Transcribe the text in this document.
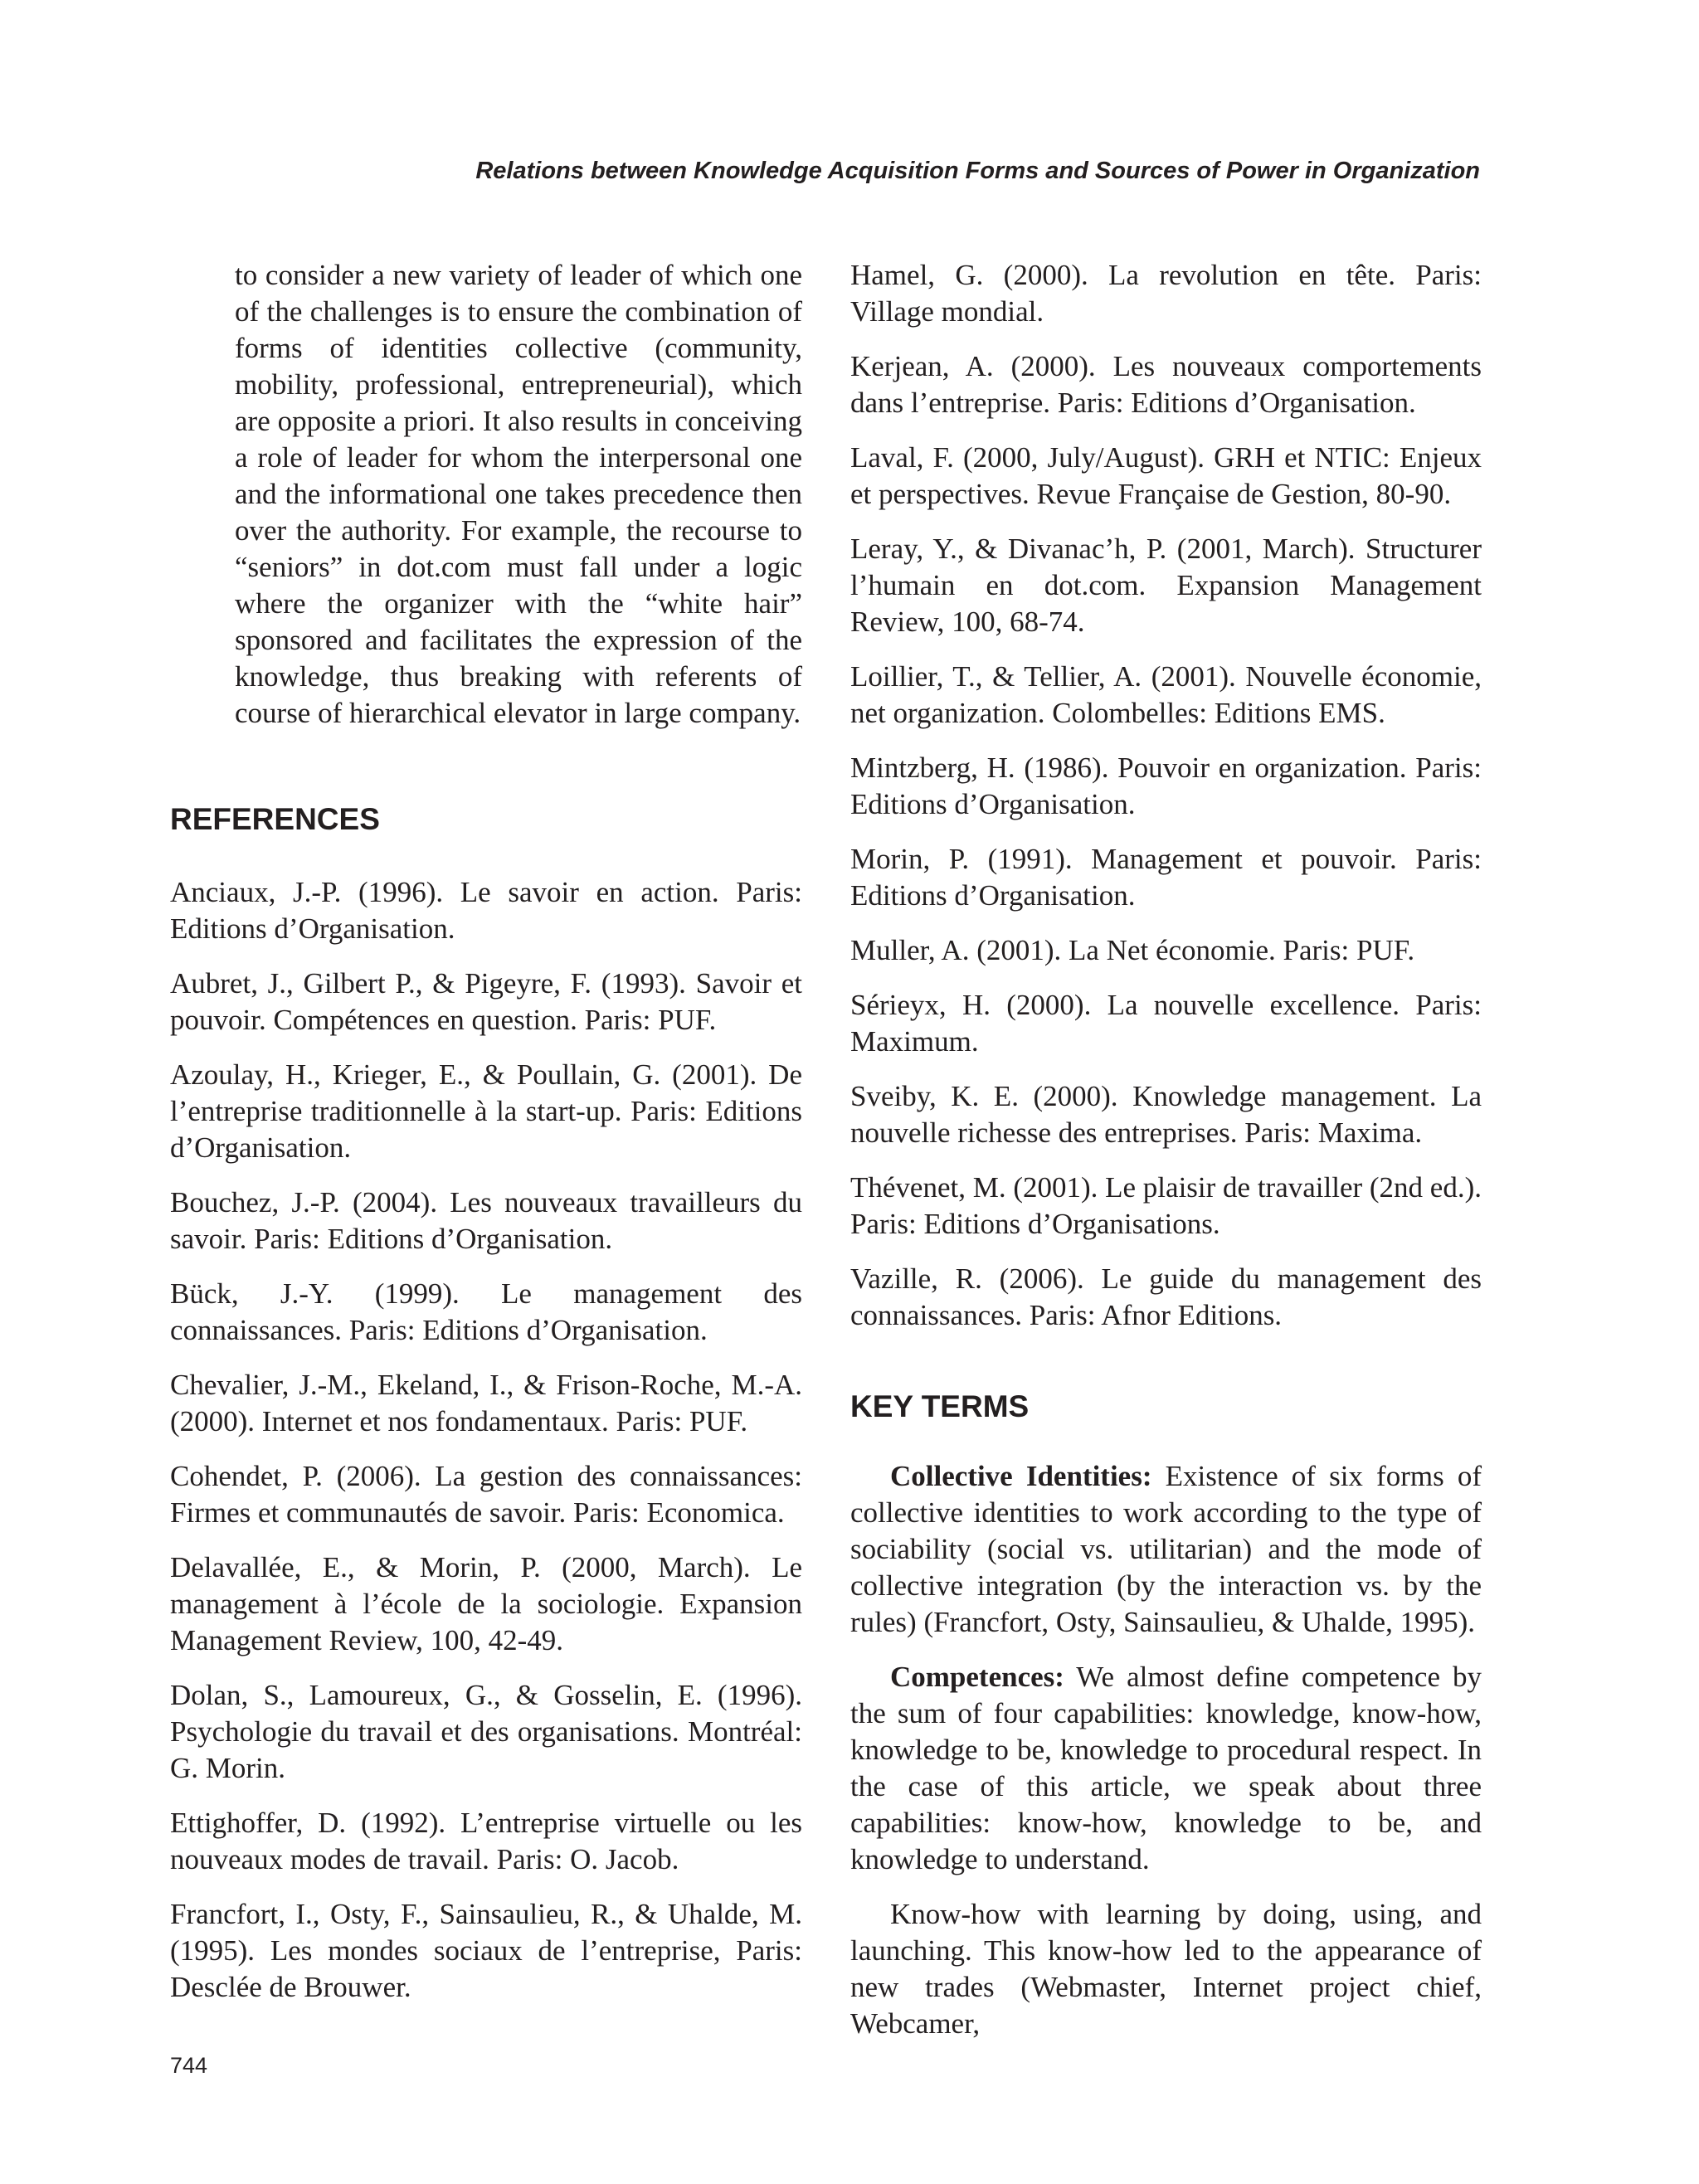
Relations between Knowledge Acquisition Forms and Sources of Power in Organization

to consider a new variety of leader of which one of the challenges is to ensure the combination of forms of identities collective (community, mobility, professional, entrepreneurial), which are opposite a priori. It also results in conceiving a role of leader for whom the interpersonal one and the informational one takes precedence then over the authority. For example, the recourse to “seniors” in dot.com must fall under a logic where the organizer with the “white hair” sponsored and facilitates the expression of the knowledge, thus breaking with referents of course of hierarchical elevator in large company.

REFERENCES

Anciaux, J.-P. (1996). Le savoir en action. Paris: Editions d’Organisation.

Aubret, J., Gilbert P., & Pigeyre, F. (1993). Savoir et pouvoir. Compétences en question. Paris: PUF.

Azoulay, H., Krieger, E., & Poullain, G. (2001). De l’entreprise traditionnelle à la start-up. Paris: Editions d’Organisation.

Bouchez, J.-P. (2004). Les nouveaux travailleurs du savoir. Paris: Editions d’Organisation.

Bück, J.-Y. (1999). Le management des connaissances. Paris: Editions d’Organisation.

Chevalier, J.-M., Ekeland, I., & Frison-Roche, M.-A. (2000). Internet et nos fondamentaux. Paris: PUF.

Cohendet, P. (2006). La gestion des connaissances: Firmes et communautés de savoir. Paris: Economica.

Delavallée, E., & Morin, P. (2000, March). Le management à l’école de la sociologie. Expansion Management Review, 100, 42-49.

Dolan, S., Lamoureux, G., & Gosselin, E. (1996). Psychologie du travail et des organisations. Montréal: G. Morin.

Ettighoffer, D. (1992). L’entreprise virtuelle ou les nouveaux modes de travail. Paris: O. Jacob.

Francfort, I., Osty, F., Sainsaulieu, R., & Uhalde, M. (1995). Les mondes sociaux de l’entreprise, Paris: Desclée de Brouwer.

Hamel, G. (2000). La revolution en tête. Paris: Village mondial.

Kerjean, A. (2000). Les nouveaux comportements dans l’entreprise. Paris: Editions d’Organisation.

Laval, F. (2000, July/August). GRH et NTIC: Enjeux et perspectives. Revue Française de Gestion, 80-90.

Leray, Y., & Divanac’h, P. (2001, March). Structurer l’humain en dot.com. Expansion Management Review, 100, 68-74.

Loillier, T., & Tellier, A. (2001). Nouvelle économie, net organization. Colombelles: Editions EMS.

Mintzberg, H. (1986). Pouvoir en organization. Paris: Editions d’Organisation.

Morin, P. (1991). Management et pouvoir. Paris: Editions d’Organisation.

Muller, A. (2001). La Net économie. Paris: PUF.

Sérieyx, H. (2000). La nouvelle excellence. Paris: Maximum.

Sveiby, K. E. (2000). Knowledge management. La nouvelle richesse des entreprises. Paris: Maxima.

Thévenet, M. (2001). Le plaisir de travailler (2nd ed.). Paris: Editions d’Organisations.

Vazille, R. (2006). Le guide du management des connaissances. Paris: Afnor Editions.

KEY TERMS

Collective Identities: Existence of six forms of collective identities to work according to the type of sociability (social vs. utilitarian) and the mode of collective integration (by the interaction vs. by the rules) (Francfort, Osty, Sainsaulieu, & Uhalde, 1995).

Competences: We almost define competence by the sum of four capabilities: knowledge, know-how, knowledge to be, knowledge to procedural respect. In the case of this article, we speak about three capabilities: know-how, knowledge to be, and knowledge to understand.

Know-how with learning by doing, using, and launching. This know-how led to the appearance of new trades (Webmaster, Internet project chief, Webcamer,

744
